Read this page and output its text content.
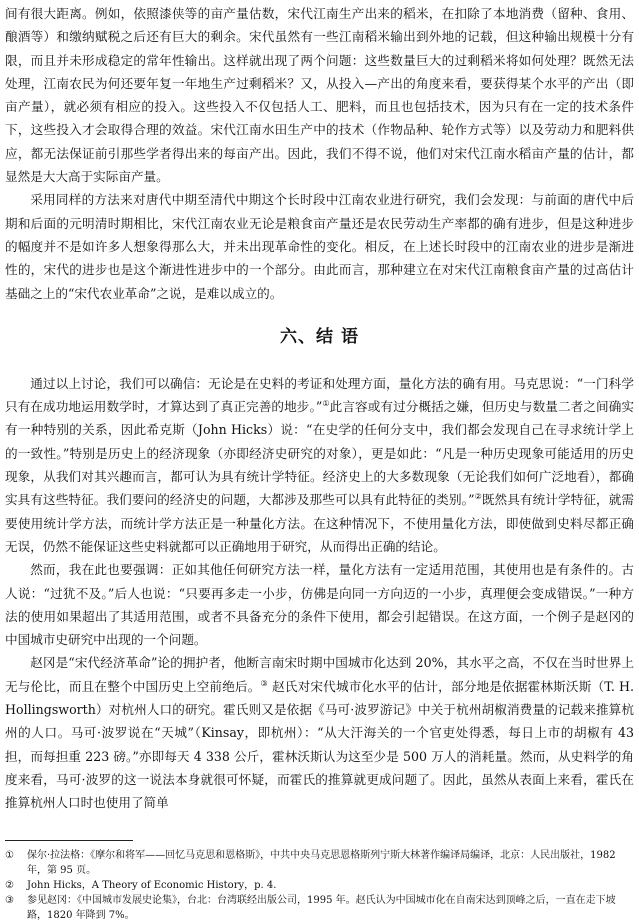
间有很大距离。例如，依照漆侠等的亩产量估数，宋代江南生产出来的稻米，在扣除了本地消费（留种、食用、酿酒等）和缴纳赋税之后还有巨大的剩余。宋代虽然有一些江南稻米输出到外地的记载，但这种输出规模十分有限，而且并未形成稳定的常年性输出。这样就出现了两个问题：这些数量巨大的过剩稻米将如何处理？既然无法处理，江南农民为何还要年复一年地生产过剩稻米？又，从投入—产出的角度来看，要获得某个水平的产出（即亩产量），就必须有相应的投入。这些投入不仅包括人工、肥料，而且也包括技术，因为只有在一定的技术条件下，这些投入才会取得合理的效益。宋代江南水田生产中的技术（作物品种、轮作方式等）以及劳动力和肥料供应，都无法保证前引那些学者得出来的每亩产出。因此，我们不得不说，他们对宋代江南水稻亩产量的估计，都显然是大大高于实际亩产量。

采用同样的方法来对唐代中期至清代中期这个长时段中江南农业进行研究，我们会发现：与前面的唐代中后期和后面的元明清时期相比，宋代江南农业无论是粮食亩产量还是农民劳动生产率都的确有进步，但是这种进步的幅度并不是如许多人想象得那么大，并未出现革命性的变化。相反，在上述长时段中的江南农业的进步是渐进性的，宋代的进步也是这个渐进性进步中的一个部分。由此而言，那种建立在对宋代江南粮食亩产量的过高估计基础之上的“宋代农业革命”之说，是难以成立的。

六、结 语

通过以上讨论，我们可以确信：无论是在史料的考证和处理方面，量化方法的确有用。马克思说：“一门科学只有在成功地运用数学时，才算达到了真正完善的地步。”①此言容或有过分概括之嫌，但历史与数量二者之间确实有一种特别的关系，因此希克斯（John Hicks）说：“在史学的任何分支中，我们都会发现自己在寻求统计学上的一致性。”特别是历史上的经济现象（亦即经济史研究的对象），更是如此：“凡是一种历史现象可能适用的历史现象，从我们对其兴趣而言，都可认为具有统计学特征。经济史上的大多数现象（无论我们如何广泛地看），都确实具有这些特征。我们要问的经济史的问题，大都涉及那些可以具有此特征的类别。”②既然具有统计学特征，就需要使用统计学方法，而统计学方法正是一种量化方法。在这种情况下，不使用量化方法，即使做到史料尽都正确无误，仍然不能保证这些史料就都可以正确地用于研究，从而得出正确的结论。

然而，我在此也要强调：正如其他任何研究方法一样，量化方法有一定适用范围，其使用也是有条件的。古人说：“过犹不及。”后人也说：“只要再多走一小步，仿佛是向同一方向迈的一小步，真理便会变成错误。”一种方法的使用如果超出了其适用范围，或者不具备充分的条件下使用，都会引起错误。在这方面，一个例子是赵冈的中国城市史研究中出现的一个问题。

赵冈是“宋代经济革命”论的拥护者，他断言南宋时期中国城市化达到 20%，其水平之高，不仅在当时世界上无与伦比，而且在整个中国历史上空前绝后。③ 赵氏对宋代城市化水平的估计，部分地是依据霍林斯沃斯（T. H. Hollingsworth）对杭州人口的研究。霍氏则又是依据《马可·波罗游记》中关于杭州胡椒消费量的记载来推算杭州的人口。马可·波罗说在“天城”（Kinsay，即杭州）：“从大汗海关的一个官吏处得悉，每日上市的胡椒有 43 担，而每担重 223 磅。”亦即每天 4 338 公斤，霍林沃斯认为这至少是 500 万人的消耗量。然而，从史料学的角度来看，马可·波罗的这一说法本身就很可怀疑，而霍氏的推算就更成问题了。因此，虽然从表面上来看，霍氏在推算杭州人口时也使用了简单

①	保尔·拉法格：《摩尔和将军——回忆马克思和恩格斯》，中共中央马克思恩格斯列宁斯大林著作编译局编译，北京：人民出版社，1982 年，第 95 页。
②	John Hicks，A Theory of Economic History，p. 4.
③	参见赵冈：《中国城市发展史论集》，台北：台湾联经出版公司，1995 年。赵氏认为中国城市化在自南宋达到顶峰之后，一直在走下坡路，1820 年降到 7%。
